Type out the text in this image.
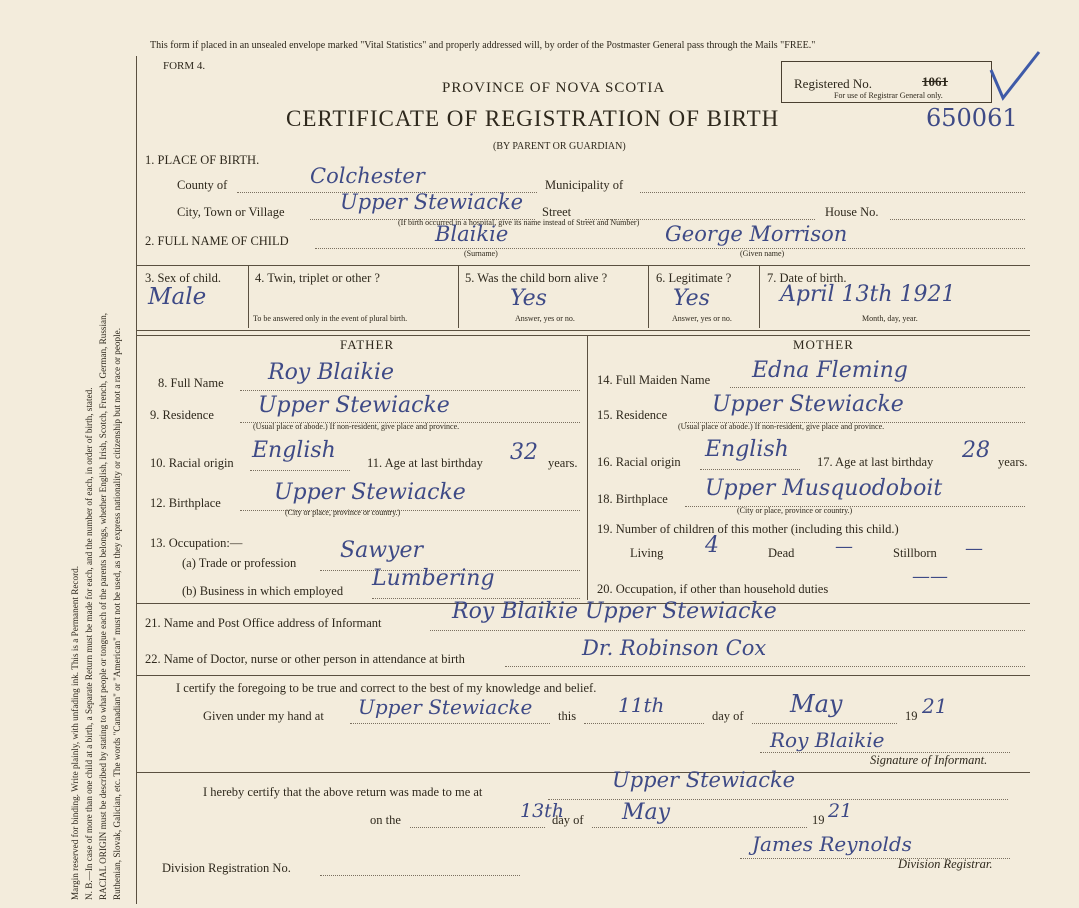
Margin reserved for binding. Write plainly, with unfading ink. This is a Permanent Record. N. B.—In case of more than one child at a birth, a Separate Return must be made for each, and the number of each, in order of birth, stated. RACIAL ORIGIN must be described by stating to what people or tongue each of the parents belongs, whether English, Irish, Scotch, French, German, Russian, Ruthenian, Slovak, Galician, etc. The words "Canadian" or "American" must not be used, as they express nationality or citizenship but not a race or people.
This form if placed in an unsealed envelope marked "Vital Statistics" and properly addressed will, by order of the Postmaster General pass through the Mails "FREE."
FORM 4.
Registered No.	1061
For use of Registrar General only.
PROVINCE OF NOVA SCOTIA
CERTIFICATE OF REGISTRATION OF BIRTH
(BY PARENT OR GUARDIAN)
650061
1. PLACE OF BIRTH.
County of	Colchester	Municipality of
City, Town or Village	Upper Stewiacke Street	House No.
(If birth occurred in a hospital, give its name instead of Street and Number)
2. FULL NAME OF CHILD	Blaikie	George Morrison
(Surname)	(Given name)
3. Sex of child.
Male
4. Twin, triplet or other ?
To be answered only in the event of plural birth.
5. Was the child born alive ?
Yes
Answer, yes or no.
6. Legitimate ?
Yes
Answer, yes or no.
7. Date of birth.
April 13th 1921
Month, day, year.
FATHER	MOTHER
8. Full Name Roy Blaikie
9. Residence Upper Stewiacke
(Usual place of abode.) If non-resident, give place and province.
10. Racial origin English 11. Age at last birthday 32 years.
12. Birthplace Upper Stewiacke
(City or place, province or country.)
13. Occupation:—
(a) Trade or profession Sawyer
(b) Business in which employed Lumbering
14. Full Maiden Name Edna Fleming
15. Residence Upper Stewiacke
(Usual place of abode.) If non-resident, give place and province.
16. Racial origin English 17. Age at last birthday 28 years.
18. Birthplace Upper Musquodoboit
(City or place, province or country.)
19. Number of children of this mother (including this child.)
Living 4	Dead —	Stillborn —
20. Occupation, if other than household duties
——
21. Name and Post Office address of Informant	Roy Blaikie Upper Stewiacke
22. Name of Doctor, nurse or other person in attendance at birth	Dr. Robinson Cox
I certify the foregoing to be true and correct to the best of my knowledge and belief.
Given under my hand at Upper Stewiacke this 11th	day of May	19 21
Roy Blaikie
Signature of Informant.
I hereby certify that the above return was made to me at	Upper Stewiacke
on the	13th
day of May	19 21
Division Registration No.
James Reynolds
Division Registrar.
